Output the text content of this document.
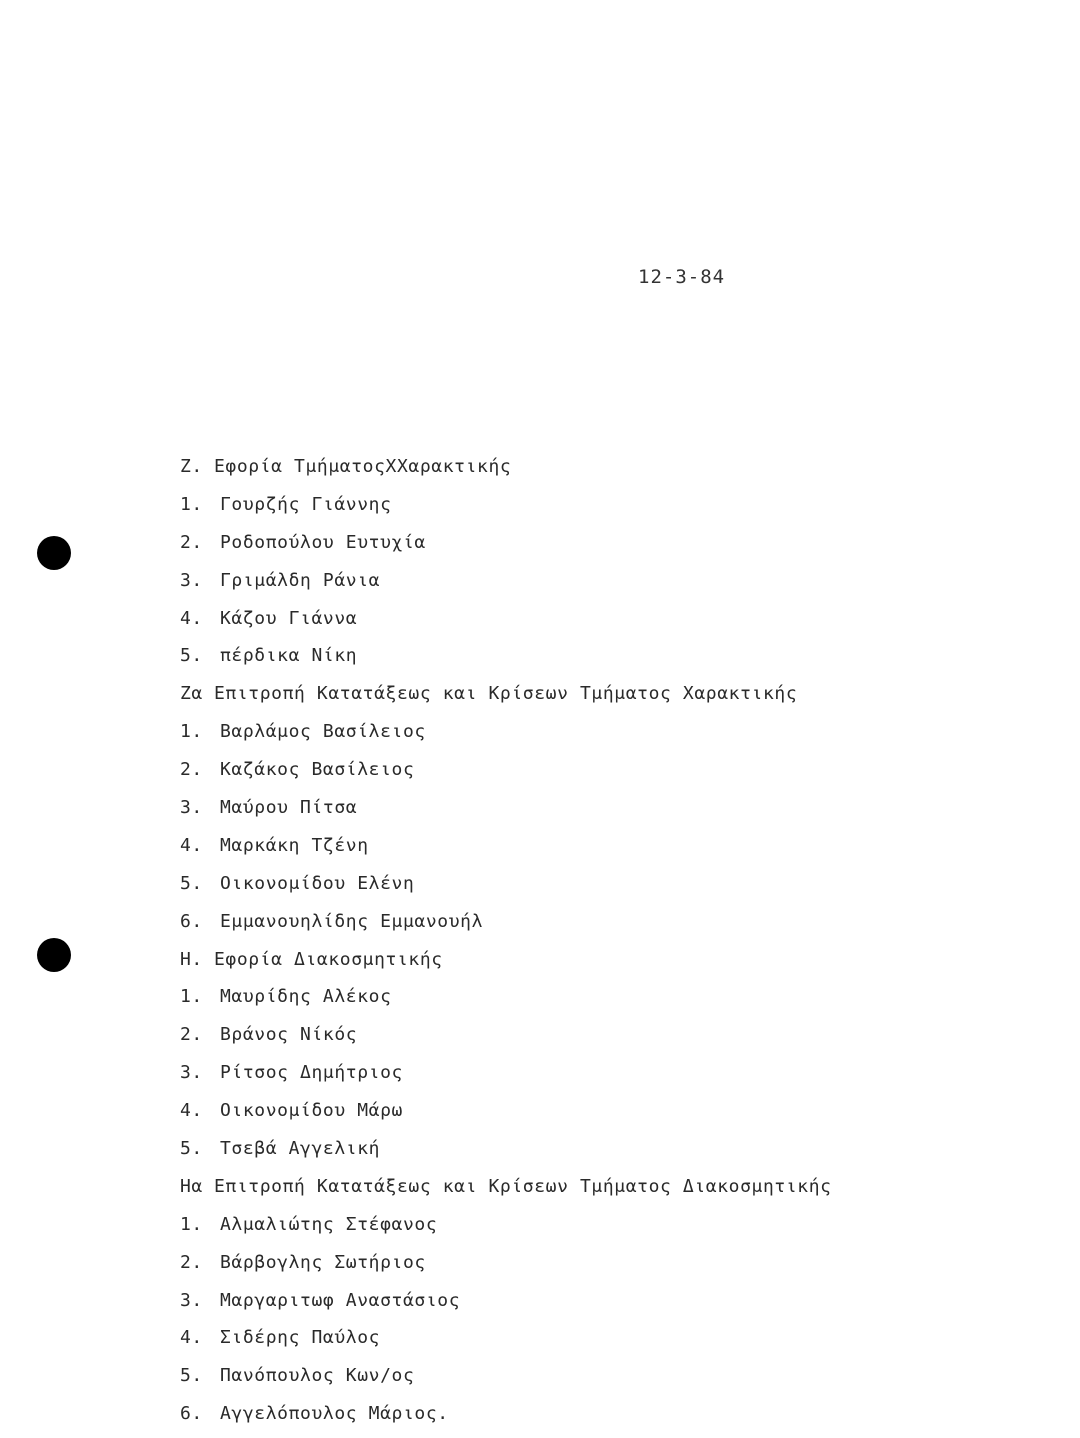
12-3-84
Ζ. Εφορία ΤμήματοςΧΧαρακτικής
1. Γουρζής Γιάννης
2. Ροδοπούλου Ευτυχία
3. Γριμάλδη Ράνια
4. Κάζου Γιάννα
5. πέρδικα Νίκη
Ζα Επιτροπή Κατατάξεως και Κρίσεων Τμήματος Χαρακτικής
1. Βαρλάμος Βασίλειος
2. Καζάκος Βασίλειος
3. Μαύρου Πίτσα
4. Μαρκάκη Τζένη
5. Οικονομίδου Ελένη
6. Εμμανουηλίδης Εμμανουήλ
Η. Εφορία Διακοσμητικής
1. Μαυρίδης Αλέκος
2. Βράνος Νίκός
3. Ρίτσος Δημήτριος
4. Οικονομίδου Μάρω
5. Τσεβά Αγγελική
Ηα Επιτροπή Κατατάξεως και Κρίσεων Τμήματος Διακοσμητικής
1. Αλμαλιώτης Στέφανος
2. Βάρβογλης Σωτήριος
3. Μαργαριτωφ Αναστάσιος
4. Σιδέρης Παύλος
5. Πανόπουλος Κων/ος
6. Αγγελόπουλος Μάριος.
